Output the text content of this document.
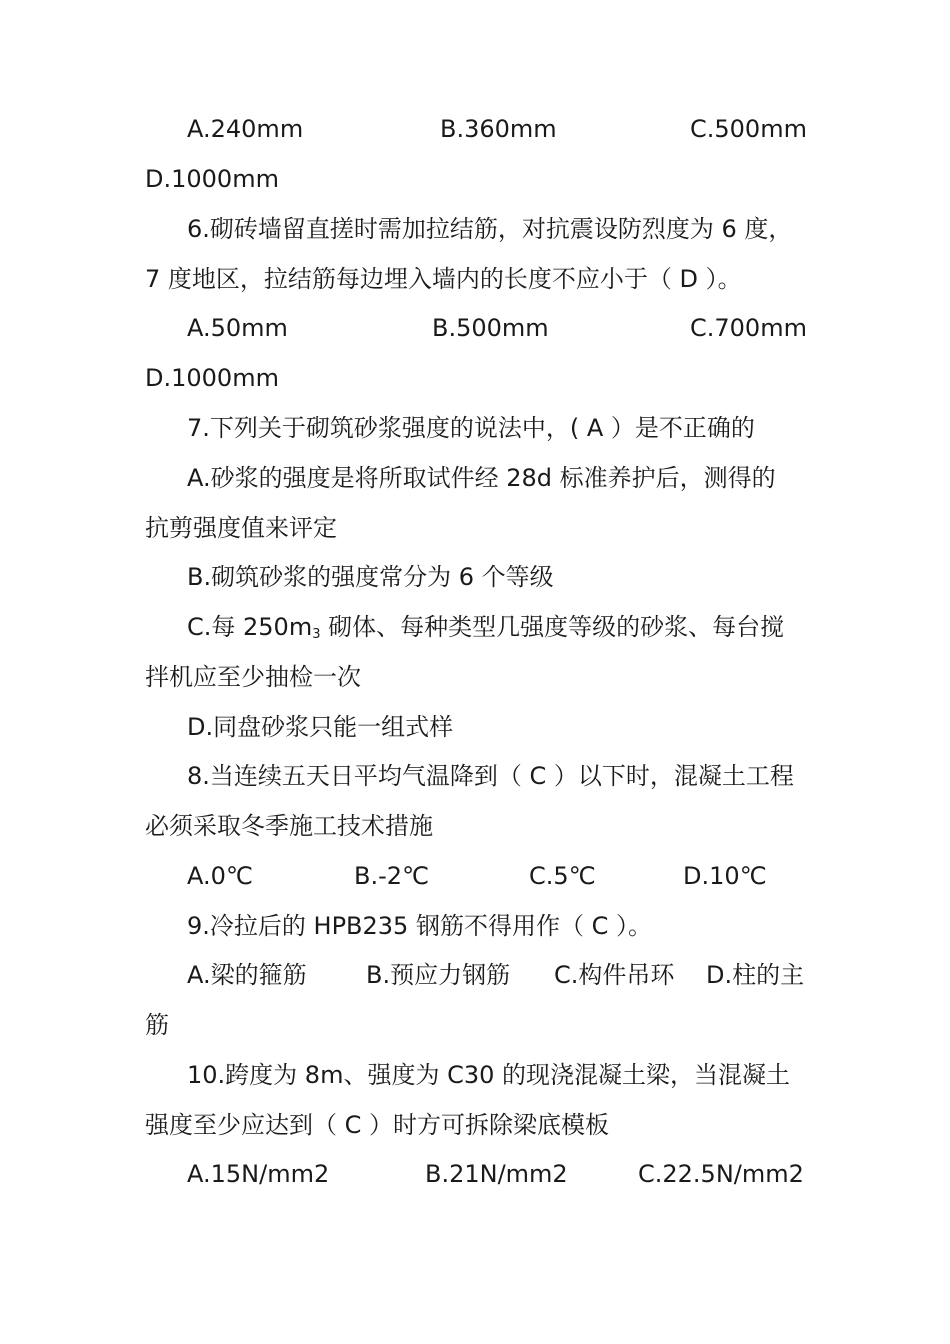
A.240mm	B.360mm	C.500mm
D.1000mm
6.砌砖墙留直搓时需加拉结筋，对抗震设防烈度为 6 度，
7 度地区，拉结筋每边埋入墙内的长度不应小于（ D ）。
A.50mm	B.500mm	C.700mm
D.1000mm
7.下列关于砌筑砂浆强度的说法中，( A ）是不正确的
A.砂浆的强度是将所取试件经 28d 标准养护后，测得的
抗剪强度值来评定
B.砌筑砂浆的强度常分为 6 个等级
C.每 $250m_3$ 砌体、每种类型几强度等级的砂浆、每台搅
拌机应至少抽检一次
D.同盘砂浆只能一组式样
8.当连续五天日平均气温降到（ C ）以下时，混凝土工程
必须采取冬季施工技术措施
A.0℃	B.-2℃	C.5℃	D.10℃
9.冷拉后的 HPB235 钢筋不得用作（ C ）。
A.梁的箍筋 B.预应力钢筋 C.构件吊环 D.柱的主
筋
10.跨度为 8m、强度为 C30 的现浇混凝土梁，当混凝土
强度至少应达到（ C ）时方可拆除梁底模板
A.15N/mm2	B.21N/mm2	C.22.5N/mm2
